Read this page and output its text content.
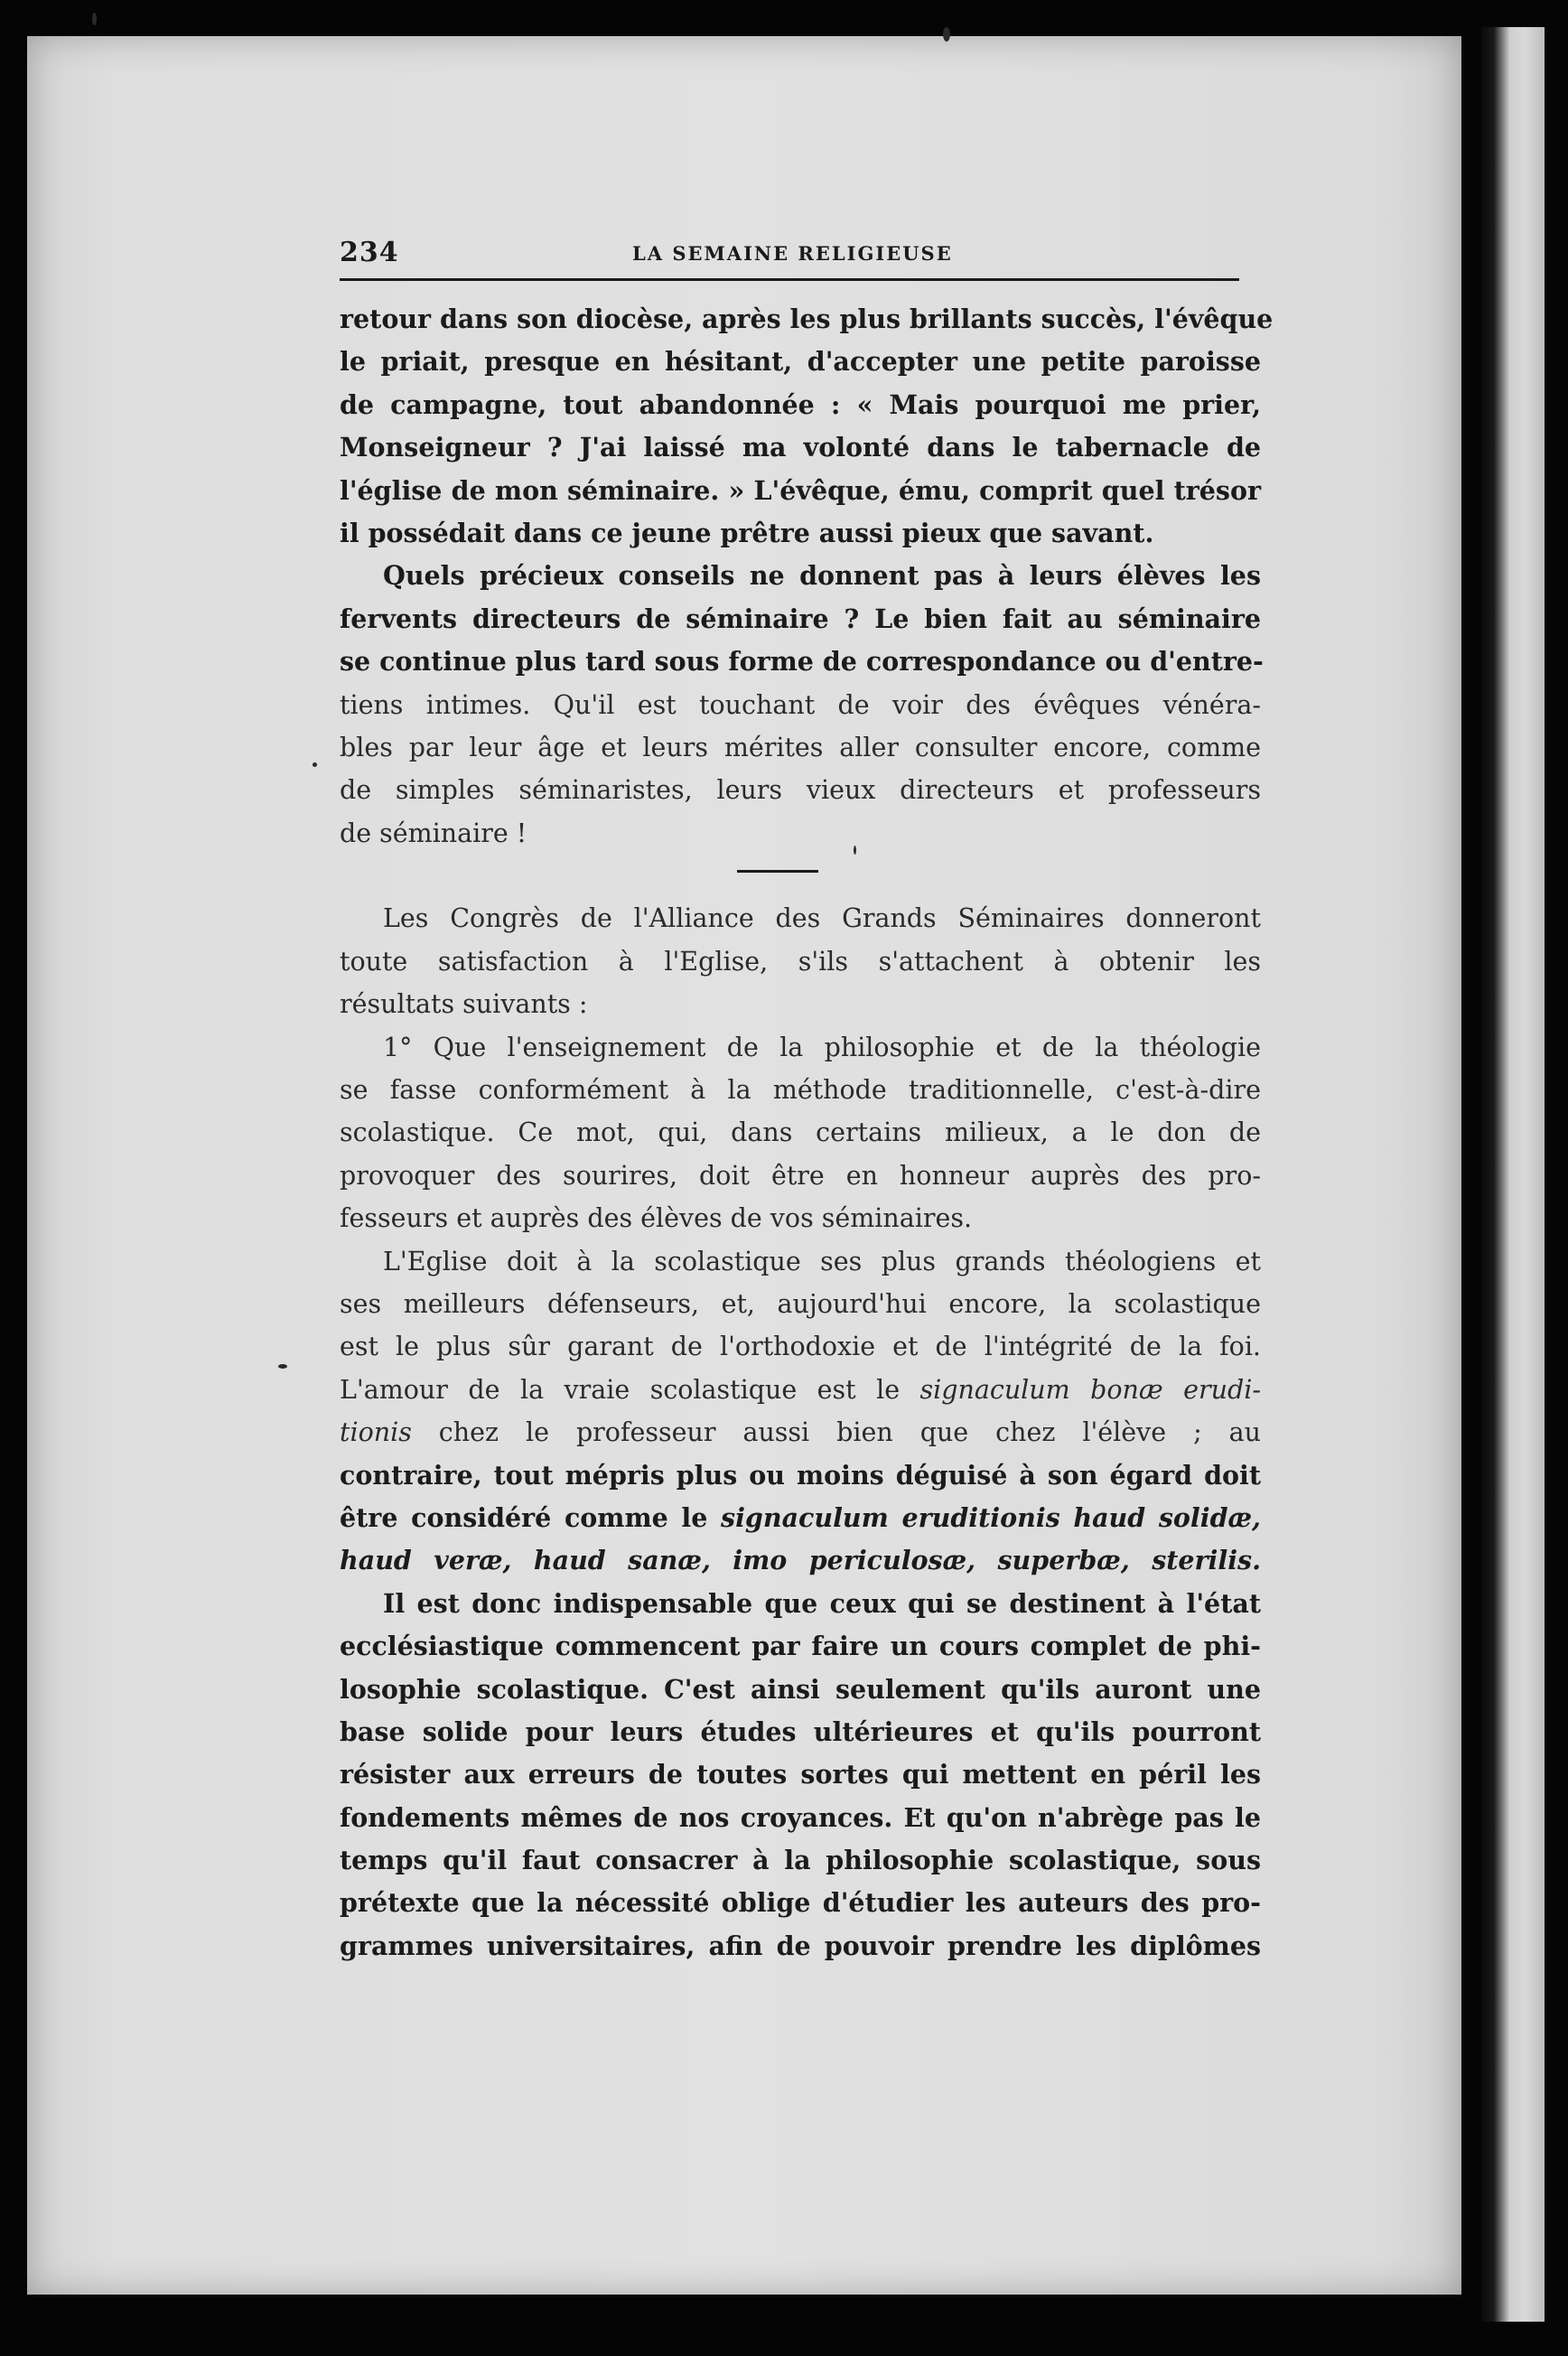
234	LA SEMAINE RELIGIEUSE
retour dans son diocèse, après les plus brillants succès, l'évêque
le priait, presque en hésitant, d'accepter une petite paroisse
de campagne, tout abandonnée : « Mais pourquoi me prier,
Monseigneur ? J'ai laissé ma volonté dans le tabernacle de
l'église de mon séminaire. » L'évêque, ému, comprit quel trésor
il possédait dans ce jeune prêtre aussi pieux que savant.
Quels précieux conseils ne donnent pas à leurs élèves les
fervents directeurs de séminaire ? Le bien fait au séminaire
se continue plus tard sous forme de correspondance ou d'entre-
tiens intimes. Qu'il est touchant de voir des évêques vénéra-
bles par leur âge et leurs mérites aller consulter encore, comme
de simples séminaristes, leurs vieux directeurs et professeurs
de séminaire !
Les Congrès de l'Alliance des Grands Séminaires donneront
toute satisfaction à l'Eglise, s'ils s'attachent à obtenir les
résultats suivants :
1° Que l'enseignement de la philosophie et de la théologie
se fasse conformément à la méthode traditionnelle, c'est-à-dire
scolastique. Ce mot, qui, dans certains milieux, a le don de
provoquer des sourires, doit être en honneur auprès des pro-
fesseurs et auprès des élèves de vos séminaires.
L'Eglise doit à la scolastique ses plus grands théologiens et
ses meilleurs défenseurs, et, aujourd'hui encore, la scolastique
est le plus sûr garant de l'orthodoxie et de l'intégrité de la foi.
L'amour de la vraie scolastique est le signaculum bonæ erudi-
tionis chez le professeur aussi bien que chez l'élève ; au
contraire, tout mépris plus ou moins déguisé à son égard doit
être considéré comme le signaculum eruditionis haud solidæ,
haud veræ, haud sanæ, imo periculosæ, superbæ, sterilis.
Il est donc indispensable que ceux qui se destinent à l'état
ecclésiastique commencent par faire un cours complet de phi-
losophie scolastique. C'est ainsi seulement qu'ils auront une
base solide pour leurs études ultérieures et qu'ils pourront
résister aux erreurs de toutes sortes qui mettent en péril les
fondements mêmes de nos croyances. Et qu'on n'abrège pas le
temps qu'il faut consacrer à la philosophie scolastique, sous
prétexte que la nécessité oblige d'étudier les auteurs des pro-
grammes universitaires, afin de pouvoir prendre les diplômes
